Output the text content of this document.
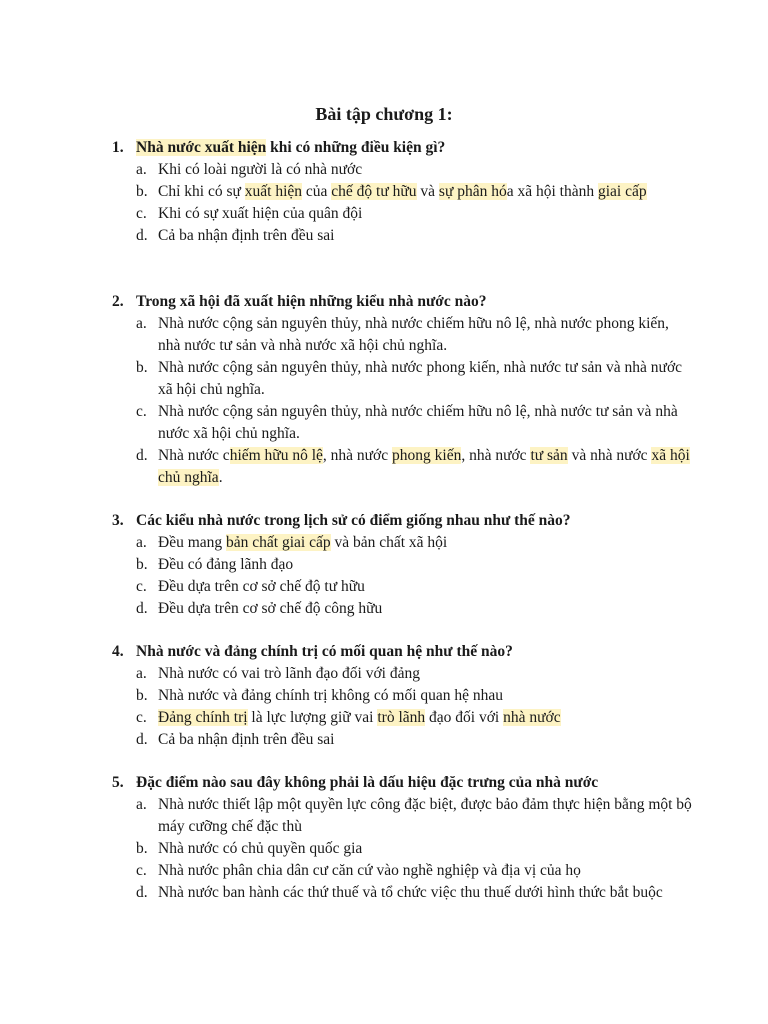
Bài tập chương 1:
1. Nhà nước xuất hiện khi có những điều kiện gì?
a. Khi có loài người là có nhà nước
b. Chỉ khi có sự xuất hiện của chế độ tư hữu và sự phân hóa xã hội thành giai cấp
c. Khi có sự xuất hiện của quân đội
d. Cả ba nhận định trên đều sai
2. Trong xã hội đã xuất hiện những kiểu nhà nước nào?
a. Nhà nước cộng sản nguyên thủy, nhà nước chiếm hữu nô lệ, nhà nước phong kiến, nhà nước tư sản và nhà nước xã hội chủ nghĩa.
b. Nhà nước cộng sản nguyên thủy, nhà nước phong kiến, nhà nước tư sản và nhà nước xã hội chủ nghĩa.
c. Nhà nước cộng sản nguyên thủy, nhà nước chiếm hữu nô lệ, nhà nước tư sản và nhà nước xã hội chủ nghĩa.
d. Nhà nước chiếm hữu nô lệ, nhà nước phong kiến, nhà nước tư sản và nhà nước xã hội chủ nghĩa.
3. Các kiểu nhà nước trong lịch sử có điểm giống nhau như thế nào?
a. Đều mang bản chất giai cấp và bản chất xã hội
b. Đều có đảng lãnh đạo
c. Đều dựa trên cơ sở chế độ tư hữu
d. Đều dựa trên cơ sở chế độ công hữu
4. Nhà nước và đảng chính trị có mối quan hệ như thế nào?
a. Nhà nước có vai trò lãnh đạo đối với đảng
b. Nhà nước và đảng chính trị không có mối quan hệ nhau
c. Đảng chính trị là lực lượng giữ vai trò lãnh đạo đối với nhà nước
d. Cả ba nhận định trên đều sai
5. Đặc điểm nào sau đây không phải là dấu hiệu đặc trưng của nhà nước
a. Nhà nước thiết lập một quyền lực công đặc biệt, được bảo đảm thực hiện bằng một bộ máy cưỡng chế đặc thù
b. Nhà nước có chủ quyền quốc gia
c. Nhà nước phân chia dân cư căn cứ vào nghề nghiệp và địa vị của họ
d. Nhà nước ban hành các thứ thuế và tổ chức việc thu thuế dưới hình thức bắt buộc
